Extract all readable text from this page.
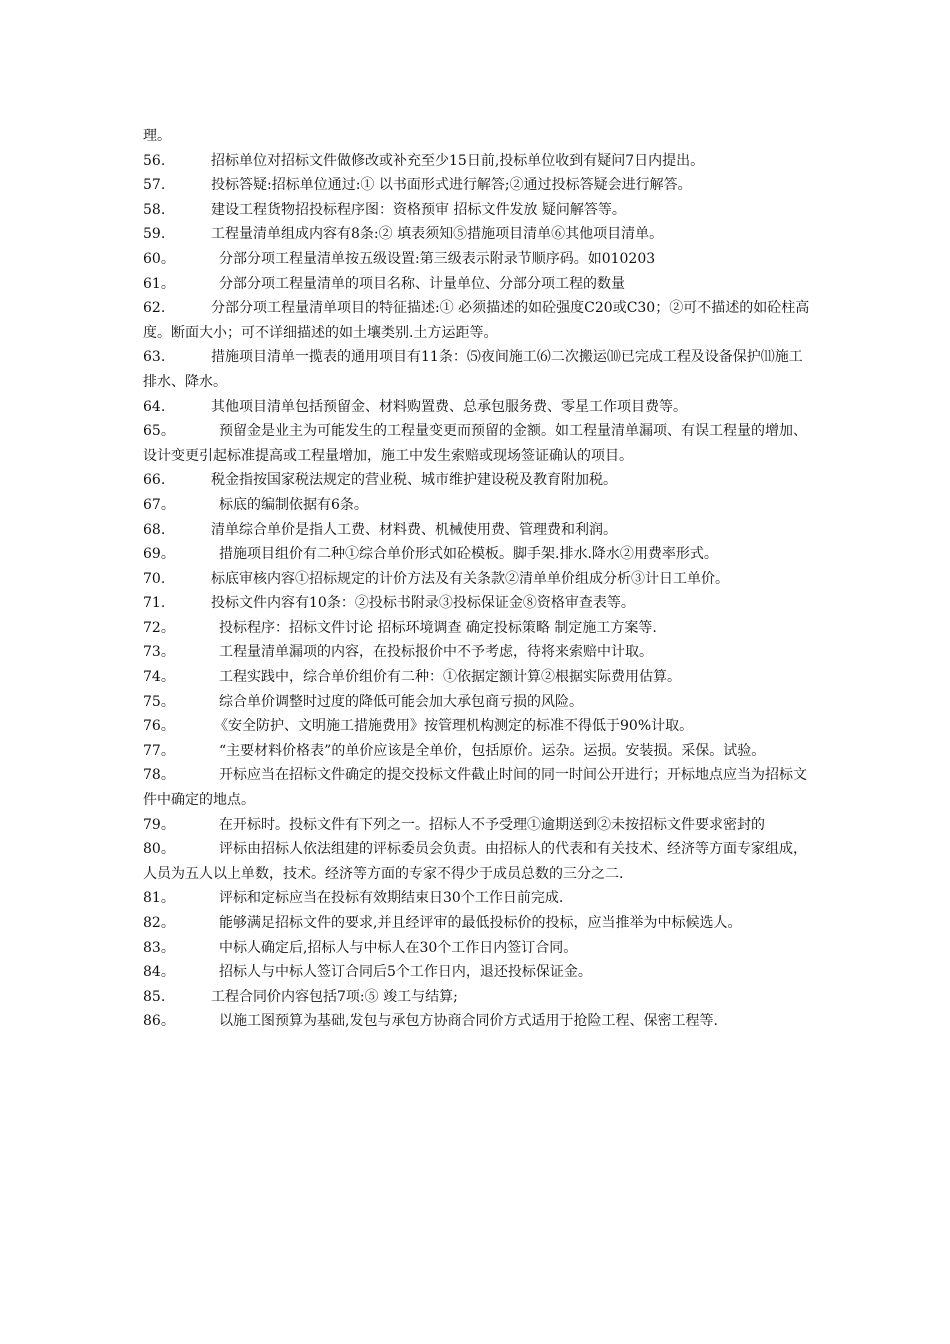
理。

56.	招标单位对招标文件做修改或补充至少15日前,投标单位收到有疑问7日内提出。

57.	投标答疑:招标单位通过:① 以书面形式进行解答;②通过投标答疑会进行解答。

58.	建设工程货物招投标程序图：资格预审 招标文件发放 疑问解答等。

59.	工程量清单组成内容有8条:② 填表须知⑤措施项目清单⑥其他项目清单。

60。	分部分项工程量清单按五级设置:第三级表示附录节顺序码。如010203

61。	分部分项工程量清单的项目名称、计量单位、分部分项工程的数量

62.	分部分项工程量清单项目的特征描述:① 必须描述的如砼强度C20或C30；②可不描述的如砼柱高度。断面大小；可不详细描述的如土壤类别.土方运距等。

63.	措施项目清单一揽表的通用项目有11条：⑸夜间施工⑹二次搬运⑽已完成工程及设备保护⑾施工排水、降水。

64.	其他项目清单包括预留金、材料购置费、总承包服务费、零星工作项目费等。

65。	预留金是业主为可能发生的工程量变更而预留的金额。如工程量清单漏项、有误工程量的增加、设计变更引起标准提高或工程量增加，施工中发生索赔或现场签证确认的项目。

66.	税金指按国家税法规定的营业税、城市维护建设税及教育附加税。

67。	标底的编制依据有6条。

68.	清单综合单价是指人工费、材料费、机械使用费、管理费和利润。

69。	措施项目组价有二种①综合单价形式如砼模板。脚手架.排水.降水②用费率形式。

70.	标底审核内容①招标规定的计价方法及有关条款②清单单价组成分析③计日工单价。

71.	投标文件内容有10条：②投标书附录③投标保证金⑧资格审查表等。

72。	投标程序：招标文件讨论 招标环境调查 确定投标策略 制定施工方案等.

73。	工程量清单漏项的内容，在投标报价中不予考虑，待将来索赔中计取。

74。	工程实践中，综合单价组价有二种：①依据定额计算②根据实际费用估算。

75。	综合单价调整时过度的降低可能会加大承包商亏损的风险。

76。	《安全防护、文明施工措施费用》按管理机构测定的标准不得低于90%计取。

77。	“主要材料价格表”的单价应该是全单价，包括原价。运杂。运损。安装损。采保。试验。

78。	开标应当在招标文件确定的提交投标文件截止时间的同一时间公开进行；开标地点应当为招标文件中确定的地点。

79。	在开标时。投标文件有下列之一。招标人不予受理①逾期送到②未按招标文件要求密封的

80。	评标由招标人依法组建的评标委员会负责。由招标人的代表和有关技术、经济等方面专家组成，人员为五人以上单数，技术。经济等方面的专家不得少于成员总数的三分之二.

81。	评标和定标应当在投标有效期结束日30个工作日前完成.

82。	能够满足招标文件的要求,并且经评审的最低投标价的投标，应当推举为中标候选人。

83。	中标人确定后,招标人与中标人在30个工作日内签订合同。

84。	招标人与中标人签订合同后5个工作日内，退还投标保证金。

85.	工程合同价内容包括7项:⑤ 竣工与结算;

86。	以施工图预算为基础,发包与承包方协商合同价方式适用于抢险工程、保密工程等.
